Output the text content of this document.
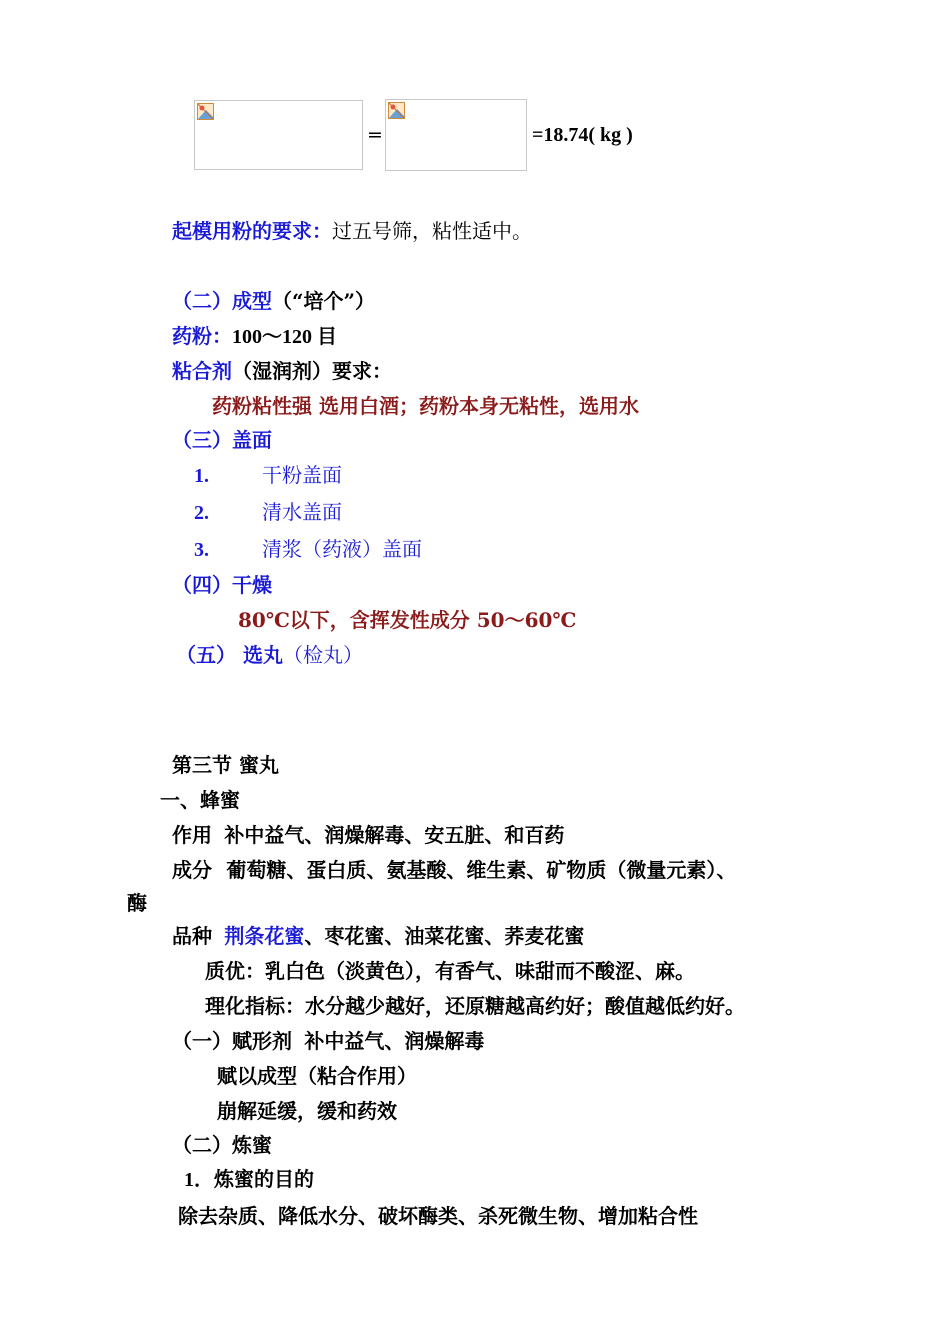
=	=18.74( kg )
起模用粉的要求：过五号筛，粘性适中。
（二）成型（“培个”）
药粉：100～120 目
粘合剂（湿润剂）要求：
药粉粘性强 选用白酒；药粉本身无粘性，选用水
（三）盖面
1.	干粉盖面
2.	清水盖面
3.	清浆（药液）盖面
（四）干燥
80℃以下，含挥发性成分 50～60℃
（五） 选丸（检丸）
第三节 蜜丸
一、蜂蜜
作用 补中益气、润燥解毒、安五脏、和百药
成分 葡萄糖、蛋白质、氨基酸、维生素、矿物质（微量元素）、
酶
品种 荆条花蜜、枣花蜜、油菜花蜜、荞麦花蜜
质优：乳白色（淡黄色），有香气、味甜而不酸涩、麻。
理化指标：水分越少越好，还原糖越高约好；酸值越低约好。
（一）赋形剂 补中益气、润燥解毒
赋以成型（粘合作用）
崩解延缓，缓和药效
（二）炼蜜
1．炼蜜的目的
除去杂质、降低水分、破坏酶类、杀死微生物、增加粘合性
